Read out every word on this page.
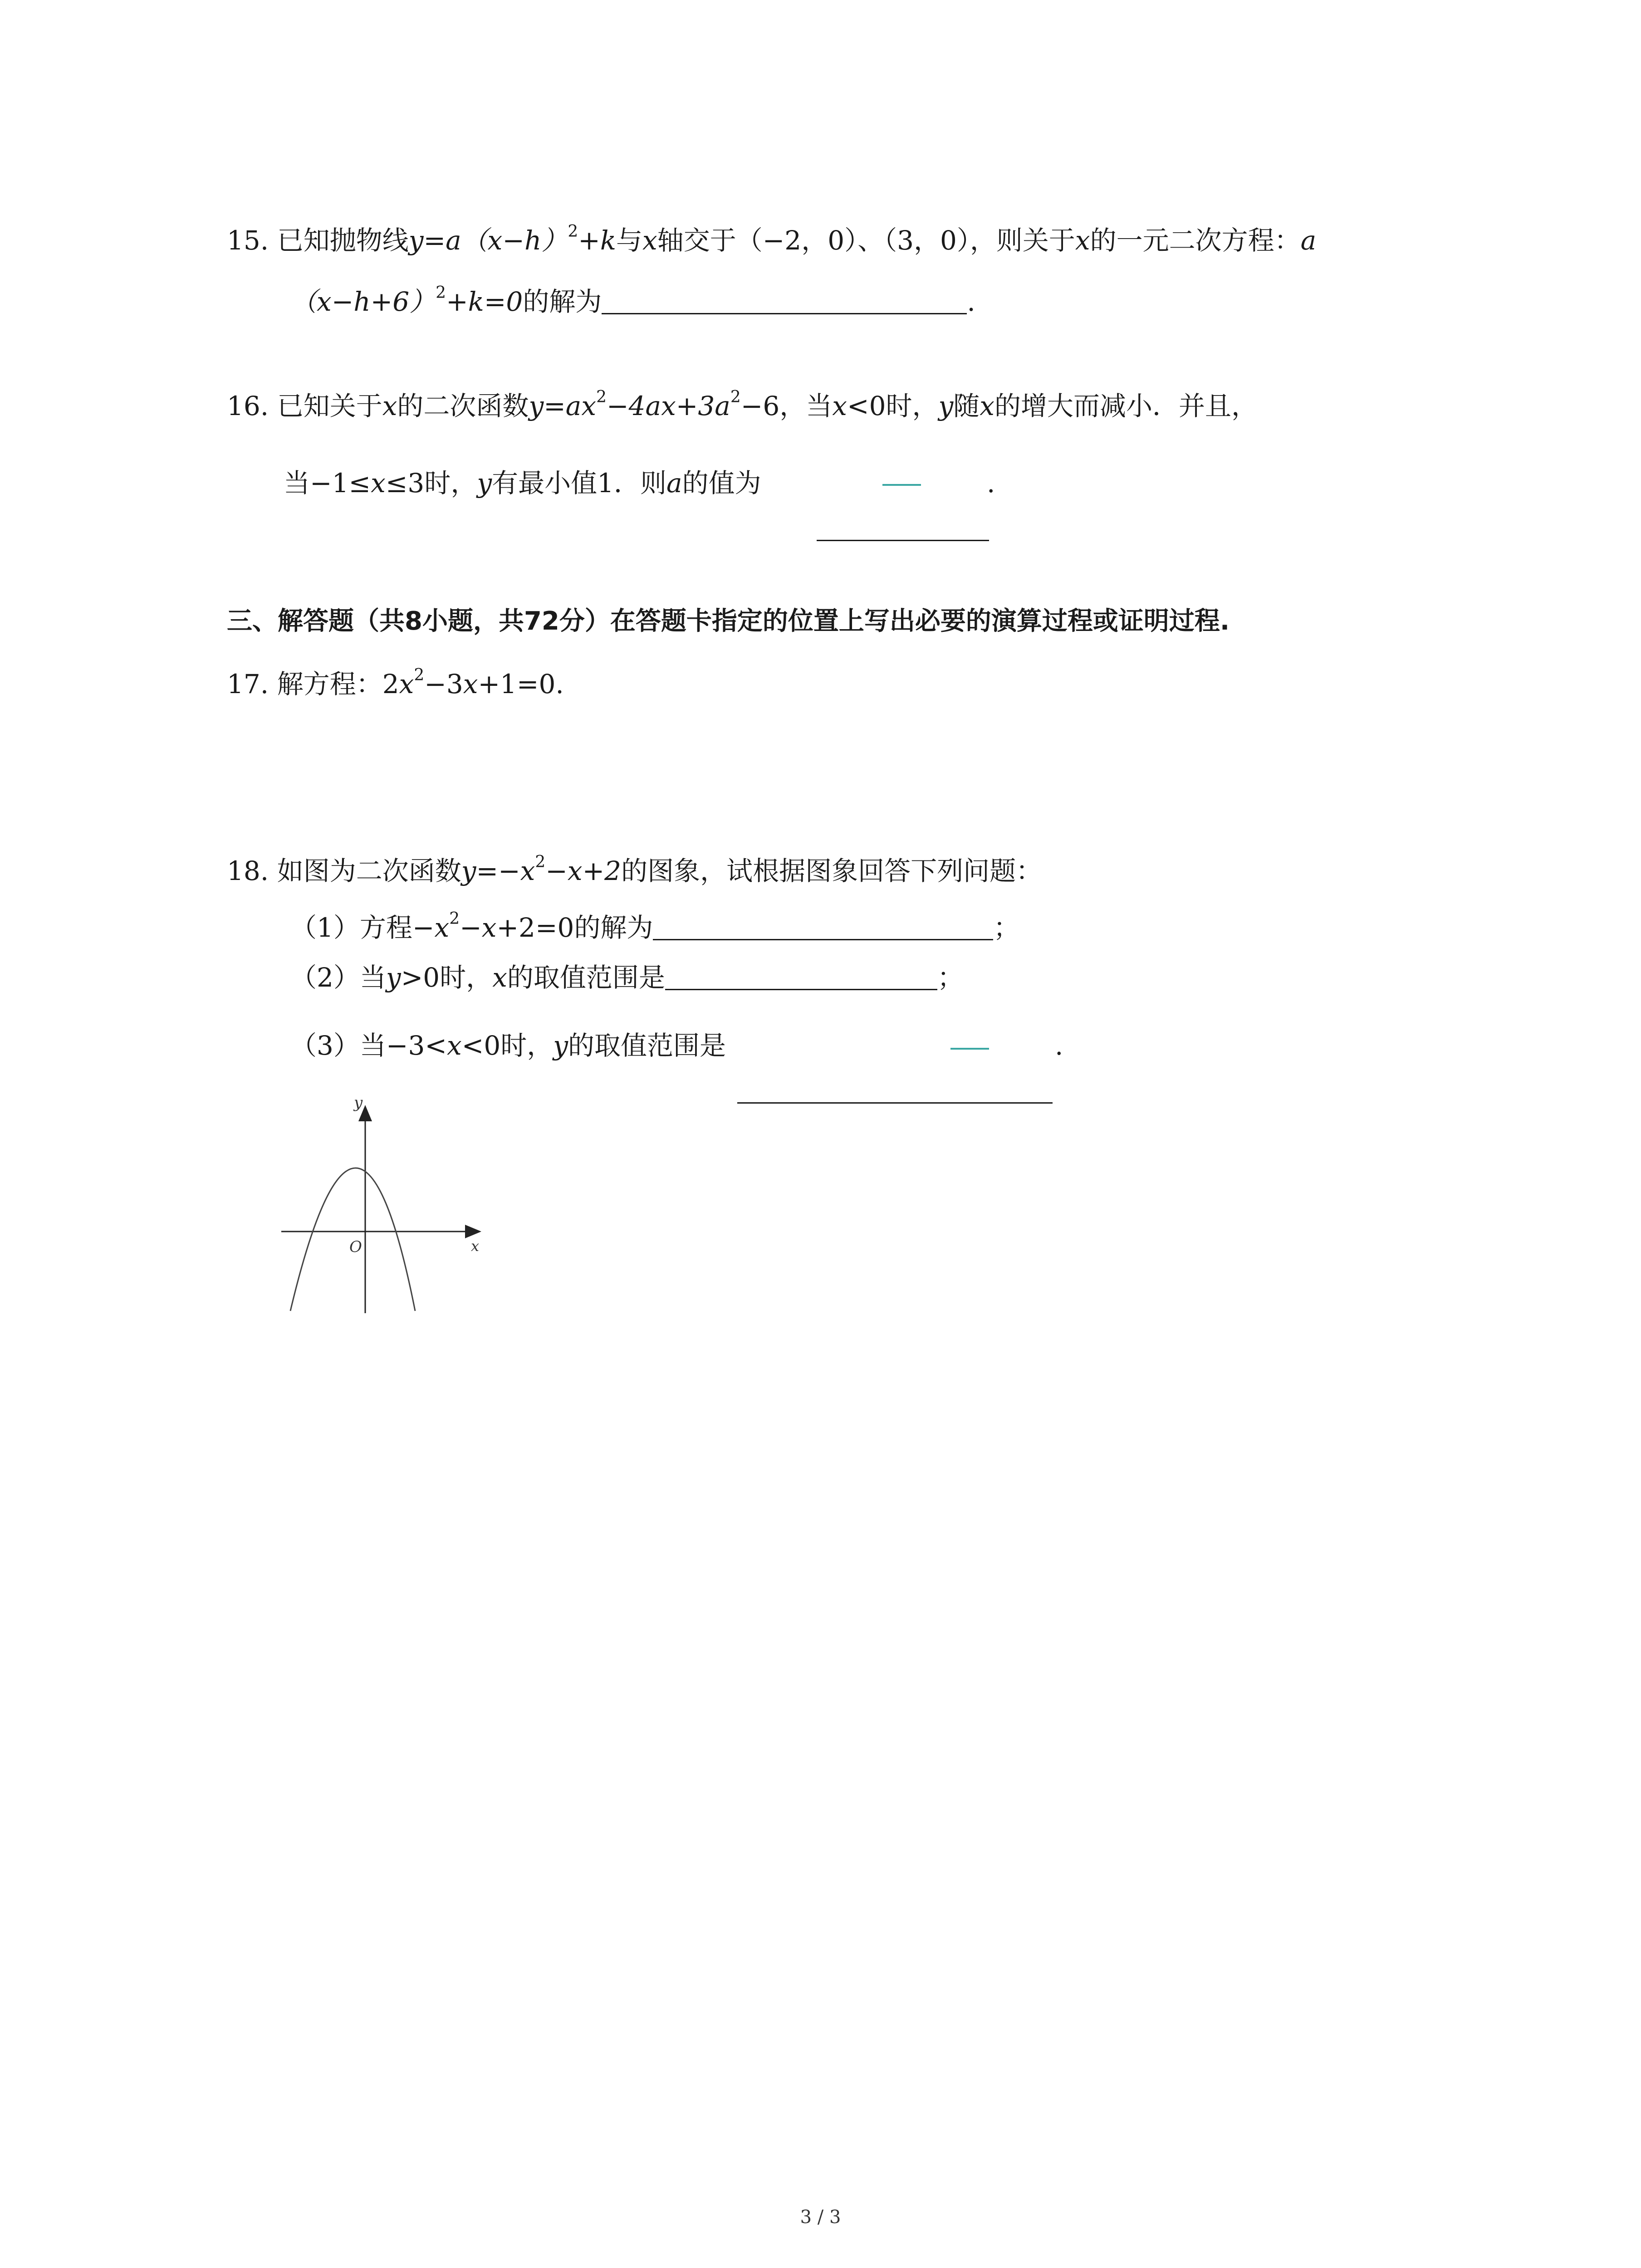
15. 已知抛物线$y=a(x-h)^2+k$与x轴交于（−2，0）、（3，0），则关于x的一元二次方程：a
$(x-h+6)^2+k=0$的解为	.
16. 已知关于x的二次函数$y=ax^2-4ax+3a^2-6$，当x<0时，y随x的增大而减小．并且，
当−1≤x≤3时，y有最小值1．则a的值为	.
三、解答题（共8小题，共72分）在答题卡指定的位置上写出必要的演算过程或证明过程.
17. 解方程：$2x^2-3x+1=0$.
18. 如图为二次函数$y=-x^2-x+2$的图象，试根据图象回答下列问题：
（1）方程$-x^2-x+2=0$的解为	；
（2）当y>0时，x的取值范围是	；
（3）当−3<x<0时，y的取值范围是	.
y
x
O
3 / 3
